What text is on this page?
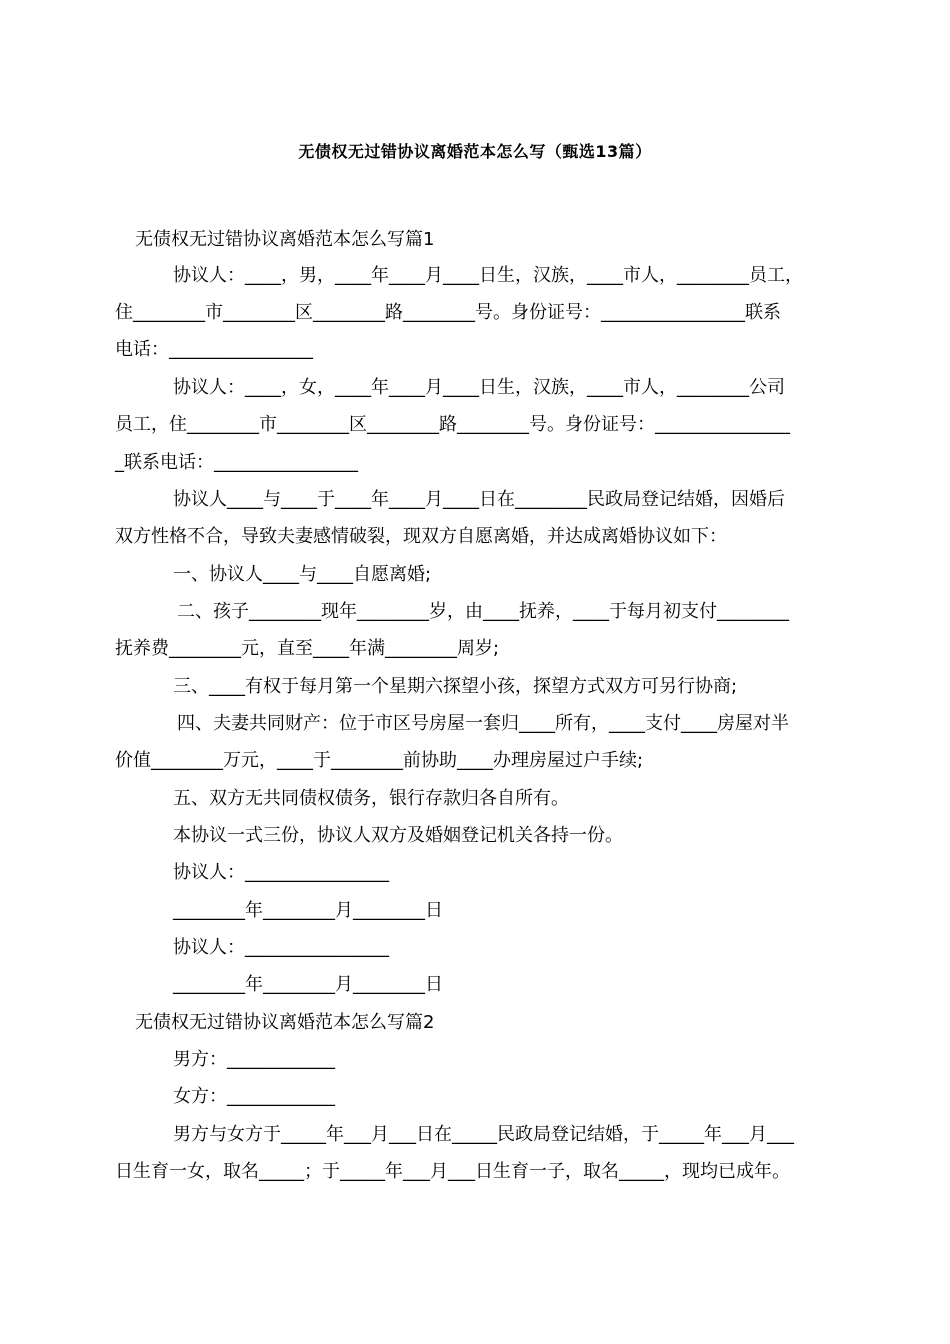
无债权无过错协议离婚范本怎么写（甄选13篇）
无债权无过错协议离婚范本怎么写篇1
协议人：____，男，____年____月____日生，汉族，____市人，________员工，
住________市________区________路________号。身份证号：________________联系
电话：________________
协议人：____，女，____年____月____日生，汉族，____市人，________公司
员工，住________市________区________路________号。身份证号：_______________
_联系电话：________________
协议人____与____于____年____月____日在________民政局登记结婚，因婚后
双方性格不合，导致夫妻感情破裂，现双方自愿离婚，并达成离婚协议如下：
一、协议人____与____自愿离婚;
二、孩子________现年________岁，由____抚养，____于每月初支付________
抚养费________元，直至____年满________周岁;
三、____有权于每月第一个星期六探望小孩，探望方式双方可另行协商;
四、夫妻共同财产：位于市区号房屋一套归____所有，____支付____房屋对半
价值________万元，____于________前协助____办理房屋过户手续;
五、双方无共同债权债务，银行存款归各自所有。
本协议一式三份，协议人双方及婚姻登记机关各持一份。
协议人：________________
________年________月________日
协议人：________________
________年________月________日
无债权无过错协议离婚范本怎么写篇2
男方：____________
女方：____________
男方与女方于_____年___月___日在_____民政局登记结婚，于_____年___月___
日生育一女，取名_____；于_____年___月___日生育一子，取名_____，现均已成年。
